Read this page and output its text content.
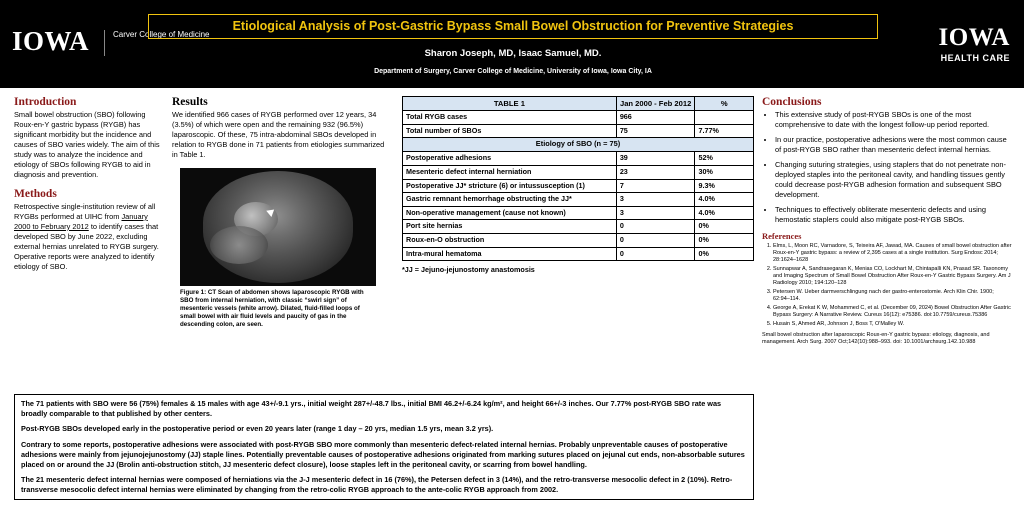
IOWA	Carver College of Medicine
Etiological Analysis of Post-Gastric Bypass Small Bowel Obstruction for Preventive Strategies
Sharon Joseph, MD, Isaac Samuel, MD.
Department of Surgery, Carver College of Medicine, University of Iowa, Iowa City, IA
IOWA
HEALTH CARE
Introduction
Small bowel obstruction (SBO) following Roux-en-Y gastric bypass (RYGB) has significant morbidity but the incidence and causes of SBO varies widely. The aim of this study was to analyze the incidence and etiology of SBOs following RYGB to aid in diagnosis and prevention.
Methods
Retrospective single-institution review of all RYGBs performed at UIHC from January 2000 to February 2012 to identify cases that developed SBO by June 2022, excluding external hernias unrelated to RYGB surgery. Operative reports were analyzed to identify etiology of SBO.
Results
We identified 966 cases of RYGB performed over 12 years, 34 (3.5%) of which were open and the remaining 932 (96.5%) laparoscopic. Of these, 75 intra-abdominal SBOs developed in relation to RYGB done in 71 patients from etiologies summarized in Table 1.
Figure 1: CT Scan of abdomen shows laparoscopic RYGB with SBO from internal herniation, with classic “swirl sign” of mesenteric vessels (white arrow). Dilated, fluid-filled loops of small bowel with air fluid levels and paucity of gas in the descending colon, are seen.
TABLE 1	Jan 2000 - Feb 2012	%
Total RYGB cases	966	
Total number of SBOs	75	7.77%
Etiology of SBO (n = 75)		
Postoperative adhesions	39	52%
Mesenteric defect internal herniation	23	30%
Postoperative JJ* stricture (6) or intussusception (1)	7	9.3%
Gastric remnant hemorrhage obstructing the JJ*	3	4.0%
Non-operative management (cause not known)	3	4.0%
Port site hernias	0	0%
Roux-en-O obstruction	0	0%
Intra-mural hematoma	0	0%
*JJ = Jejuno-jejunostomy anastomosis
Conclusions
• This extensive study of post-RYGB SBOs is one of the most comprehensive to date with the longest follow-up period reported.
• In our practice, postoperative adhesions were the most common cause of post-RYGB SBO rather than mesenteric defect internal hernias.
• Changing suturing strategies, using staplers that do not penetrate non-deployed staples into the peritoneal cavity, and handling tissues gently could decrease post-RYGB adhesion formation and subsequent SBO development.
• Techniques to effectively obliterate mesenteric defects and using hemostatic staplers could also mitigate post-RYGB SBOs.
References
1. Elms, L, Moon RC, Varnadore, S, Teixeira AF, Jawad, MA. Causes of small bowel obstruction after Roux-en-Y gastric bypass: a review of 2,395 cases at a single institution. Surg Endosc 2014; 28:1624–1628
2. Sunnapwar A, Sandrasegaran K, Menias CO, Lockhart M, Chintapalli KN, Prasad SR. Taxonomy and Imaging Spectrum of Small Bowel Obstruction After Roux-en-Y Gastric Bypass Surgery. Am J Radiology 2010; 194:120–128
3. Petersen W. Ueber darmverschlingung nach der gastro-enterostomie. Arch Klin Chir. 1900; 62:94–114.
4. George A, Erekat K W, Mohammed C, et al. (December 09, 2024) Bowel Obstruction After Gastric Bypass Surgery: A Narrative Review. Cureus 16(12): e75386. doi:10.7759/cureus.75386
5. Husain S, Ahmed AR, Johnson J, Boss T, O'Malley W.
Small bowel obstruction after laparoscopic Roux-en-Y gastric bypass: etiology, diagnosis, and management. Arch Surg. 2007 Oct;142(10):988–993. doi: 10.1001/archsurg.142.10.988

The 71 patients with SBO were 56 (75%) females & 15 males with age 43+/-9.1 yrs., initial weight 287+/-48.7 lbs., initial BMI 46.2+/-6.24 kg/m², and height 66+/-3 inches. Our 7.77% post-RYGB SBO rate was broadly comparable to that published by other centers.

Post-RYGB SBOs developed early in the postoperative period or even 20 years later (range 1 day – 20 yrs, median 1.5 yrs, mean 3.2 yrs).

Contrary to some reports, postoperative adhesions were associated with post-RYGB SBO more commonly than mesenteric defect-related internal hernias. Probably unpreventable causes of postoperative adhesions were mainly from jejunojejunostomy (JJ) staple lines. Potentially preventable causes of postoperative adhesions originated from marking sutures placed on jejunal cut ends, non-absorbable sutures placed on or around the JJ (Brolin anti-obstruction stitch, JJ mesenteric defect closure), loose staples left in the peritoneal cavity, or scarring from bowel handling.

The 21 mesenteric defect internal hernias were composed of herniations via the J-J mesenteric defect in 16 (76%), the Petersen defect in 3 (14%), and the retro-transverse mesocolic defect in 2 (10%). Retro-transverse mesocolic defect internal hernias were eliminated by changing from the retro-colic RYGB approach to the ante-colic RYGB approach from 2002.
